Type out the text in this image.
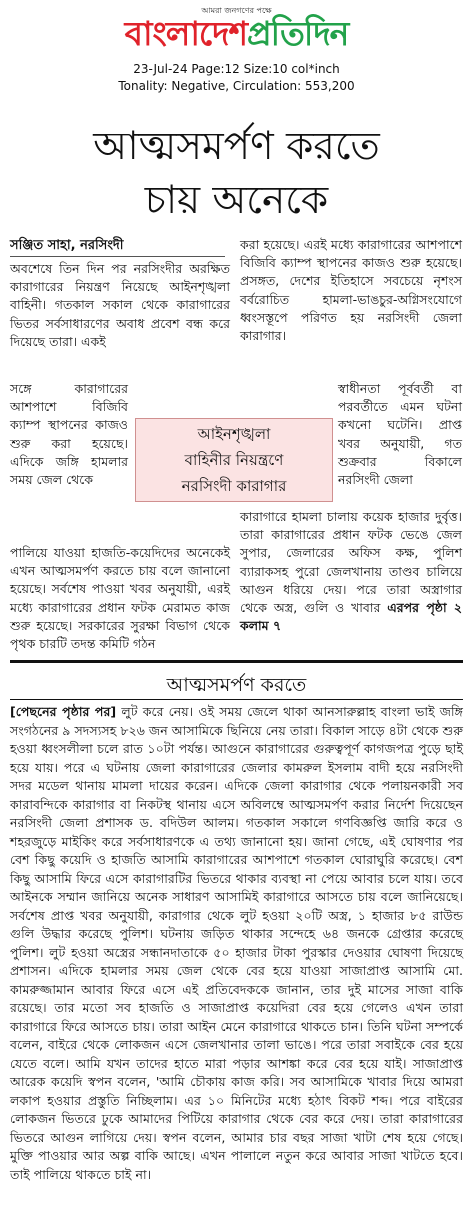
আমরা জনগণের পক্ষে
বাংলাদেশপ্রতিদিন
23-Jul-24 Page:12 Size:10 col*inch
Tonality: Negative, Circulation: 553,200
আত্মসমর্পণ করতে
চায় অনেকে
সঞ্জিত সাহা, নরসিংদী
অবশেষে তিন দিন পর নরসিংদীর অরক্ষিত কারাগারের নিয়ন্ত্রণ নিয়েছে আইনশৃঙ্খলা বাহিনী। গতকাল সকাল থেকে কারাগারের ভিতর সর্বসাধারণের অবাধ প্রবেশ বন্ধ করে দিয়েছে তারা। একই
সঙ্গে কারাগারের আশপাশে বিজিবি ক্যাম্প স্থাপনের কাজও শুরু করা হয়েছে। এদিকে জঙ্গি হামলার সময় জেল থেকে
পালিয়ে যাওয়া হাজতি-কয়েদিদের অনেকেই এখন আত্মসমর্পণ করতে চায় বলে জানানো হয়েছে। সর্বশেষ পাওয়া খবর অনুযায়ী, এরই মধ্যে কারাগারের প্রধান ফটক মেরামত কাজ শুরু হয়েছে। সরকারের সুরক্ষা বিভাগ থেকে পৃথক চারটি তদন্ত কমিটি গঠন
করা হয়েছে। এরই মধ্যে কারাগারের আশপাশে বিজিবি ক্যাম্প স্থাপনের কাজও শুরু হয়েছে। প্রসঙ্গত, দেশের ইতিহাসে সবচেয়ে নৃশংস বর্বরোচিত হামলা-ভাঙচুর-অগ্নিসংযোগে ধ্বংসস্তূপে পরিণত হয় নরসিংদী জেলা কারাগার।
স্বাধীনতা পূর্ববর্তী বা পরবর্তীতে এমন ঘটনা কখনো ঘটেনি। প্রাপ্ত খবর অনুযায়ী, গত শুক্রবার বিকালে নরসিংদী জেলা
কারাগারে হামলা চালায় কয়েক হাজার দুর্বৃত্ত। তারা কারাগারের প্রধান ফটক ভেঙে জেল সুপার, জেলারের অফিস কক্ষ, পুলিশ ব্যারাকসহ পুরো জেলখানায় তাণ্ডব চালিয়ে আগুন ধরিয়ে দেয়। পরে তারা অস্ত্রাগার থেকে অস্ত্র, গুলি ও খাবার এরপর পৃষ্ঠা ২ কলাম ৭
আইনশৃঙ্খলা
বাহিনীর নিয়ন্ত্রণে
নরসিংদী কারাগার
আত্মসমর্পণ করতে
[পেছনের পৃষ্ঠার পর] লুট করে নেয়। ওই সময় জেলে থাকা আনসারুল্লাহ বাংলা ভাই জঙ্গি সংগঠনের ৯ সদস্যসহ ৮২৬ জন আসামিকে ছিনিয়ে নেয় তারা। বিকাল সাড়ে ৪টা থেকে শুরু হওয়া ধ্বংসলীলা চলে রাত ১০টা পর্যন্ত। আগুনে কারাগারের গুরুত্বপূর্ণ কাগজপত্র পুড়ে ছাই হয়ে যায়। পরে এ ঘটনায় জেলা কারাগারের জেলার কামরুল ইসলাম বাদী হয়ে নরসিংদী সদর মডেল থানায় মামলা দায়ের করেন। এদিকে জেলা কারাগার থেকে পলায়নকারী সব কারাবন্দিকে কারাগার বা নিকটস্থ থানায় এসে অবিলম্বে আত্মসমর্পণ করার নির্দেশ দিয়েছেন নরসিংদী জেলা প্রশাসক ড. বদিউল আলম। গতকাল সকালে গণবিজ্ঞপ্তি জারি করে ও শহরজুড়ে মাইকিং করে সর্বসাধারণকে এ তথ্য জানানো হয়। জানা গেছে, এই ঘোষণার পর বেশ কিছু কয়েদি ও হাজতি আসামি কারাগারের আশপাশে গতকাল ঘোরাঘুরি করেছে। বেশ কিছু আসামি ফিরে এসে কারাগারটির ভিতরে থাকার ব্যবস্থা না পেয়ে আবার চলে যায়। তবে আইনকে সম্মান জানিয়ে অনেক সাধারণ আসামিই কারাগারে আসতে চায় বলে জানিয়েছে। সর্বশেষ প্রাপ্ত খবর অনুযায়ী, কারাগার থেকে লুট হওয়া ২০টি অস্ত্র, ১ হাজার ৮৫ রাউন্ড গুলি উদ্ধার করেছে পুলিশ। ঘটনায় জড়িত থাকার সন্দেহে ৬৪ জনকে গ্রেপ্তার করেছে পুলিশ। লুট হওয়া অস্ত্রের সন্ধানদাতাকে ৫০ হাজার টাকা পুরস্কার দেওয়ার ঘোষণা দিয়েছে প্রশাসন। এদিকে হামলার সময় জেল থেকে বের হয়ে যাওয়া সাজাপ্রাপ্ত আসামি মো. কামরুজ্জামান আবার ফিরে এসে এই প্রতিবেদককে জানান, তার দুই মাসের সাজা বাকি রয়েছে। তার মতো সব হাজতি ও সাজাপ্রাপ্ত কয়েদিরা বের হয়ে গেলেও এখন তারা কারাগারে ফিরে আসতে চায়। তারা আইন মেনে কারাগারে থাকতে চান। তিনি ঘটনা সম্পর্কে বলেন, বাইরে থেকে লোকজন এসে জেলখানার তালা ভাঙে। পরে তারা সবাইকে বের হয়ে যেতে বলে। আমি যখন তাদের হাতে মারা পড়ার আশঙ্কা করে বের হয়ে যাই। সাজাপ্রাপ্ত আরেক কয়েদি স্বপন বলেন, 'আমি চৌকায় কাজ করি। সব আসামিকে খাবার দিয়ে আমরা লকাপ হওয়ার প্রস্তুতি নিচ্ছিলাম। এর ১০ মিনিটের মধ্যে হঠাৎ বিকট শব্দ। পরে বাইরের লোকজন ভিতরে ঢুকে আমাদের পিটিয়ে কারাগার থেকে বের করে দেয়। তারা কারাগারের ভিতরে আগুন লাগিয়ে দেয়। স্বপন বলেন, আমার চার বছর সাজা খাটা শেষ হয়ে গেছে। মুক্তি পাওয়ার আর অল্প বাকি আছে। এখন পালালে নতুন করে আবার সাজা খাটতে হবে। তাই পালিয়ে থাকতে চাই না।
